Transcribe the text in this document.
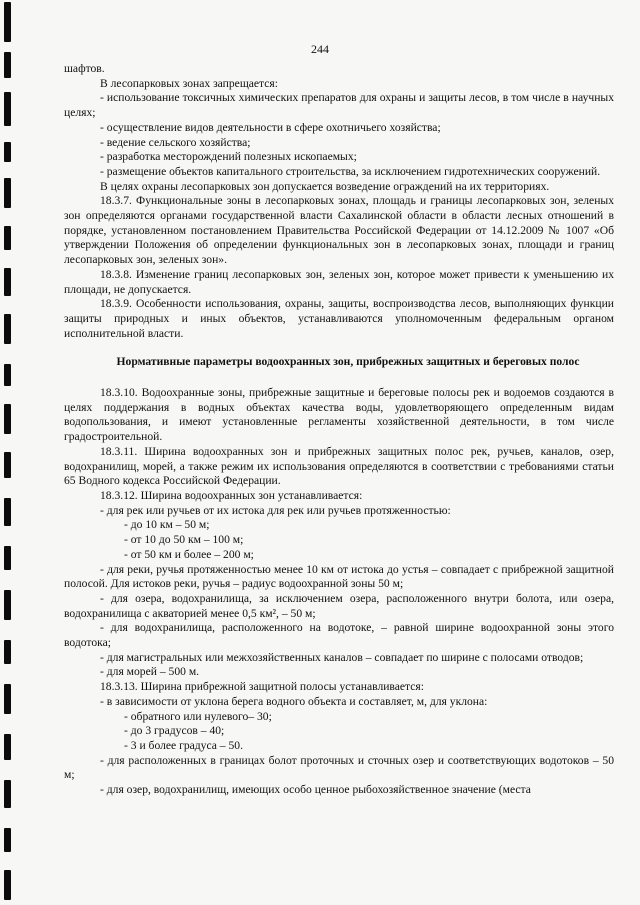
244

шафтов.

В лесопарковых зонах запрещается:

- использование токсичных химических препаратов для охраны и защиты лесов, в том числе в научных целях;

- осуществление видов деятельности в сфере охотничьего хозяйства;

- ведение сельского хозяйства;

- разработка месторождений полезных ископаемых;

- размещение объектов капитального строительства, за исключением гидротехнических сооружений.

В целях охраны лесопарковых зон допускается возведение ограждений на их территориях.

18.3.7. Функциональные зоны в лесопарковых зонах, площадь и границы лесопарковых зон, зеленых зон определяются органами государственной власти Сахалинской области в области лесных отношений в порядке, установленном постановлением Правительства Российской Федерации от 14.12.2009 № 1007 «Об утверждении Положения об определении функциональных зон в лесопарковых зонах, площади и границ лесопарковых зон, зеленых зон».

18.3.8. Изменение границ лесопарковых зон, зеленых зон, которое может привести к уменьшению их площади, не допускается.

18.3.9. Особенности использования, охраны, защиты, воспроизводства лесов, выполняющих функции защиты природных и иных объектов, устанавливаются уполномоченным федеральным органом исполнительной власти.

Нормативные параметры водоохранных зон, прибрежных защитных и береговых полос

18.3.10. Водоохранные зоны, прибрежные защитные и береговые полосы рек и водоемов создаются в целях поддержания в водных объектах качества воды, удовлетворяющего определенным видам водопользования, и имеют установленные регламенты хозяйственной деятельности, в том числе градостроительной.

18.3.11. Ширина водоохранных зон и прибрежных защитных полос рек, ручьев, каналов, озер, водохранилищ, морей, а также режим их использования определяются в соответствии с требованиями статьи 65 Водного кодекса Российской Федерации.

18.3.12. Ширина водоохранных зон устанавливается:

- для рек или ручьев от их истока для рек или ручьев протяженностью:

- до 10 км – 50 м;

- от 10 до 50 км – 100 м;

- от 50 км и более – 200 м;

- для реки, ручья протяженностью менее 10 км от истока до устья – совпадает с прибрежной защитной полосой. Для истоков реки, ручья – радиус водоохранной зоны 50 м;

- для озера, водохранилища, за исключением озера, расположенного внутри болота, или озера, водохранилища с акваторией менее 0,5 км², – 50 м;

- для водохранилища, расположенного на водотоке, – равной ширине водоохранной зоны этого водотока;

- для магистральных или межхозяйственных каналов – совпадает по ширине с полосами отводов;

- для морей – 500 м.

18.3.13. Ширина прибрежной защитной полосы устанавливается:

- в зависимости от уклона берега водного объекта и составляет, м, для уклона:

- обратного или нулевого– 30;

- до 3 градусов – 40;

- 3 и более градуса – 50.

- для расположенных в границах болот проточных и сточных озер и соответствующих водотоков – 50 м;

- для озер, водохранилищ, имеющих особо ценное рыбохозяйственное значение (места
